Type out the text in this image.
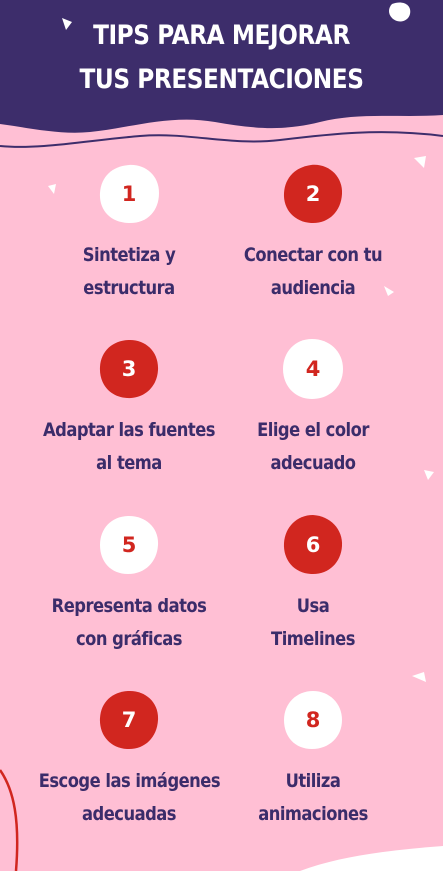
TIPS PARA MEJORAR
TUS PRESENTACIONES
1
Sintetiza y
estructura
2
Conectar con tu
audiencia
3
Adaptar las fuentes
al tema
4
Elige el color
adecuado
5
Representa datos
con gráficas
6
Usa
Timelines
7
Escoge las imágenes
adecuadas
8
Utiliza
animaciones
